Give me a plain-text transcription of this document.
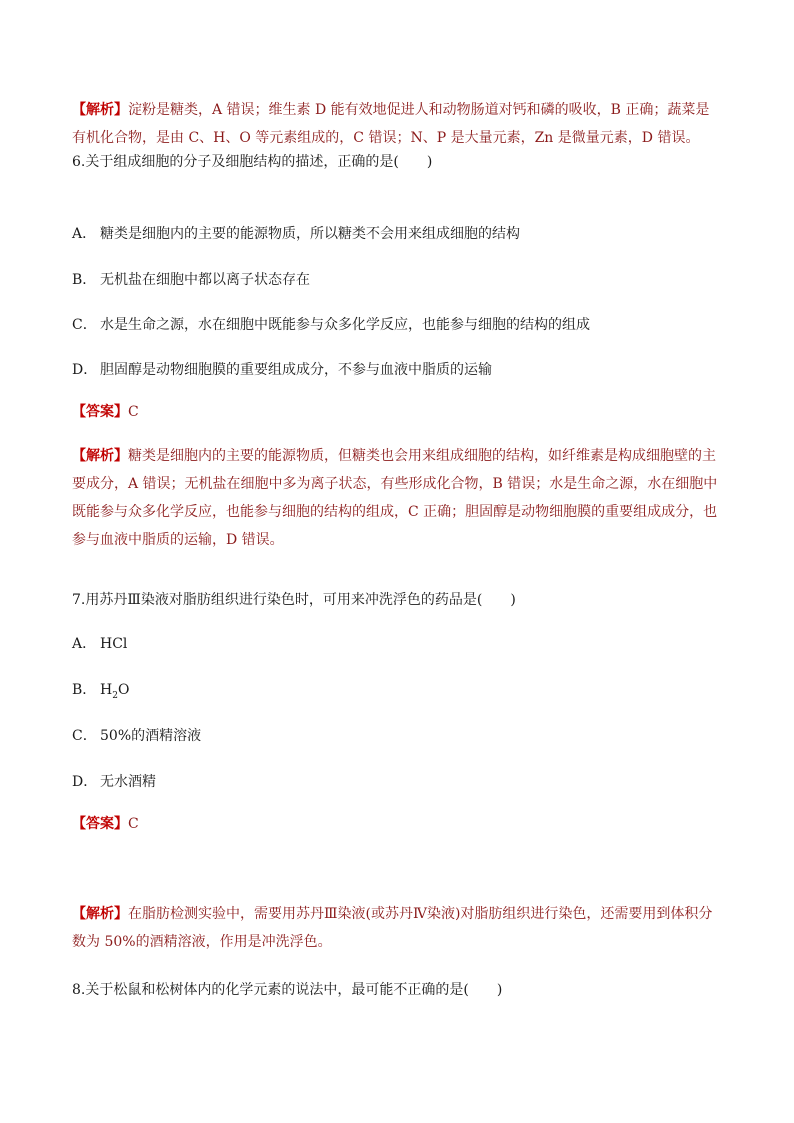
【解析】淀粉是糖类，A 错误；维生素 D 能有效地促进人和动物肠道对钙和磷的吸收，B 正确；蔬菜是有机化合物，是由 C、H、O 等元素组成的，C 错误；N、P 是大量元素，Zn 是微量元素，D 错误。

6.关于组成细胞的分子及细胞结构的描述，正确的是(　　)

A． 糖类是细胞内的主要的能源物质，所以糖类不会用来组成细胞的结构

B． 无机盐在细胞中都以离子状态存在

C． 水是生命之源，水在细胞中既能参与众多化学反应，也能参与细胞的结构的组成

D． 胆固醇是动物细胞膜的重要组成成分，不参与血液中脂质的运输

【答案】C

【解析】糖类是细胞内的主要的能源物质，但糖类也会用来组成细胞的结构，如纤维素是构成细胞壁的主要成分，A 错误；无机盐在细胞中多为离子状态，有些形成化合物，B 错误；水是生命之源，水在细胞中既能参与众多化学反应，也能参与细胞的结构的组成，C 正确；胆固醇是动物细胞膜的重要组成成分，也参与血液中脂质的运输，D 错误。

7.用苏丹Ⅲ染液对脂肪组织进行染色时，可用来冲洗浮色的药品是(　　)

A． HCl

B． $H_2O$

C． 50%的酒精溶液

D． 无水酒精

【答案】C

【解析】在脂肪检测实验中，需要用苏丹Ⅲ染液(或苏丹Ⅳ染液)对脂肪组织进行染色，还需要用到体积分数为 50%的酒精溶液，作用是冲洗浮色。

8.关于松鼠和松树体内的化学元素的说法中，最可能不正确的是(　　)
